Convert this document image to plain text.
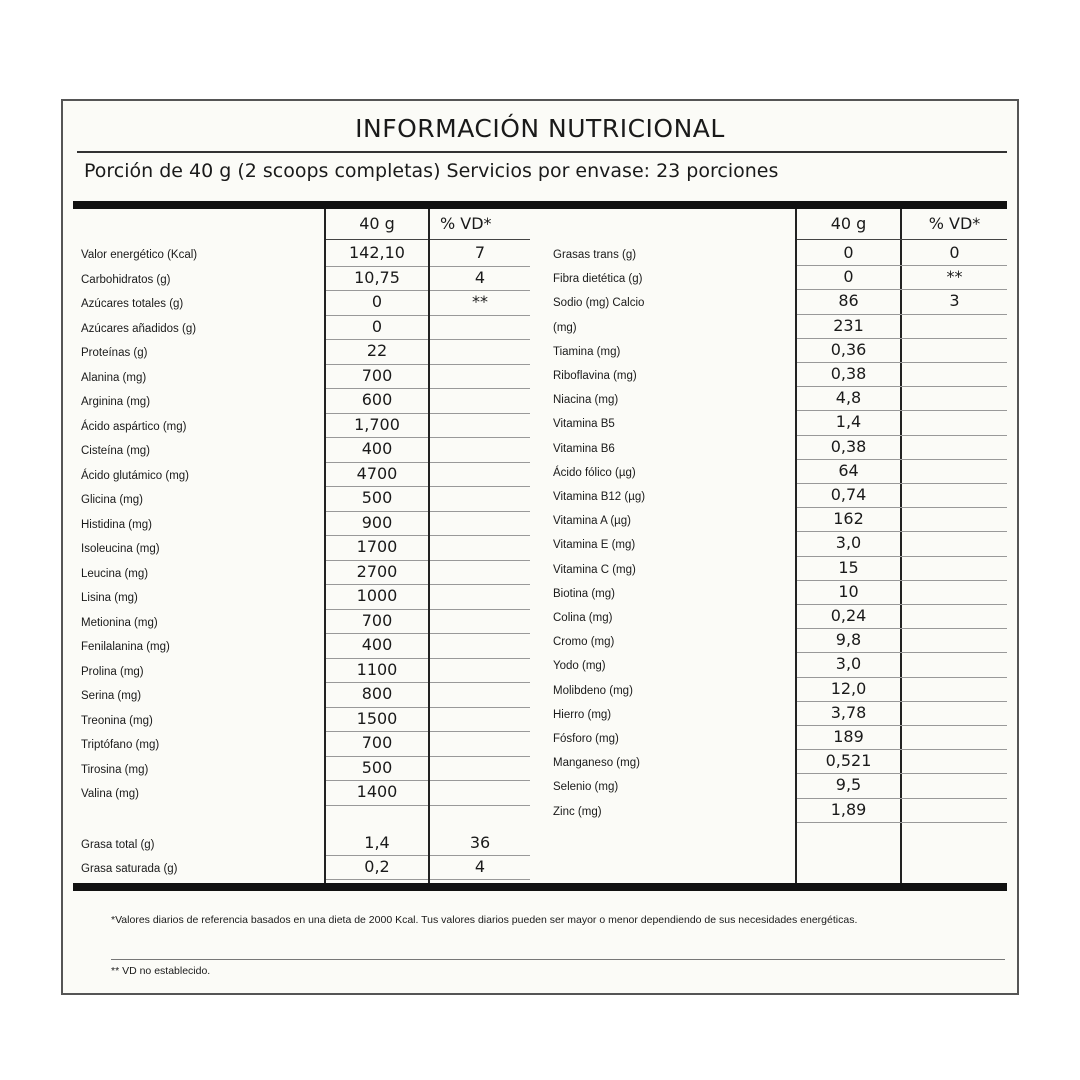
INFORMACIÓN NUTRICIONAL
Porción de 40 g (2 scoops completas) Servicios por envase: 23 porciones
40 g	% VD*	40 g	% VD*
Valor energético (Kcal)	142,10	7
Carbohidratos (g)	10,75	4
Azúcares totales (g)	0	**
Azúcares añadidos (g)	0
Proteínas (g)	22
Alanina (mg)	700
Arginina (mg)	600
Ácido aspártico (mg)	1,700
Cisteína (mg)	400
Ácido glutámico (mg)	4700
Glicina (mg)	500
Histidina (mg)	900
Isoleucina (mg)	1700
Leucina (mg)	2700
Lisina (mg)	1000
Metionina (mg)	700
Fenilalanina (mg)	400
Prolina (mg)	1100
Serina (mg)	800
Treonina (mg)	1500
Triptófano (mg)	700
Tirosina (mg)	500
Valina (mg)	1400
Grasa total (g)	1,4	36
Grasa saturada (g)	0,2	4
Grasas trans (g)	0	0
Fibra dietética (g)	0	**
Sodio (mg) Calcio	86	3
(mg)	231
Tiamina (mg)	0,36
Riboflavina (mg)	0,38
Niacina (mg)	4,8
Vitamina B5	1,4
Vitamina B6	0,38
Ácido fólico (µg)	64
Vitamina B12 (µg)	0,74
Vitamina A (µg)	162
Vitamina E (mg)	3,0
Vitamina C (mg)	15
Biotina (mg)	10
Colina (mg)	0,24
Cromo (mg)	9,8
Yodo (mg)	3,0
Molibdeno (mg)	12,0
Hierro (mg)	3,78
Fósforo (mg)	189
Manganeso (mg)	0,521
Selenio (mg)	9,5
Zinc (mg)	1,89
*Valores diarios de referencia basados en una dieta de 2000 Kcal. Tus valores diarios pueden ser mayor o menor dependiendo de sus necesidades energéticas.
** VD no establecido.
